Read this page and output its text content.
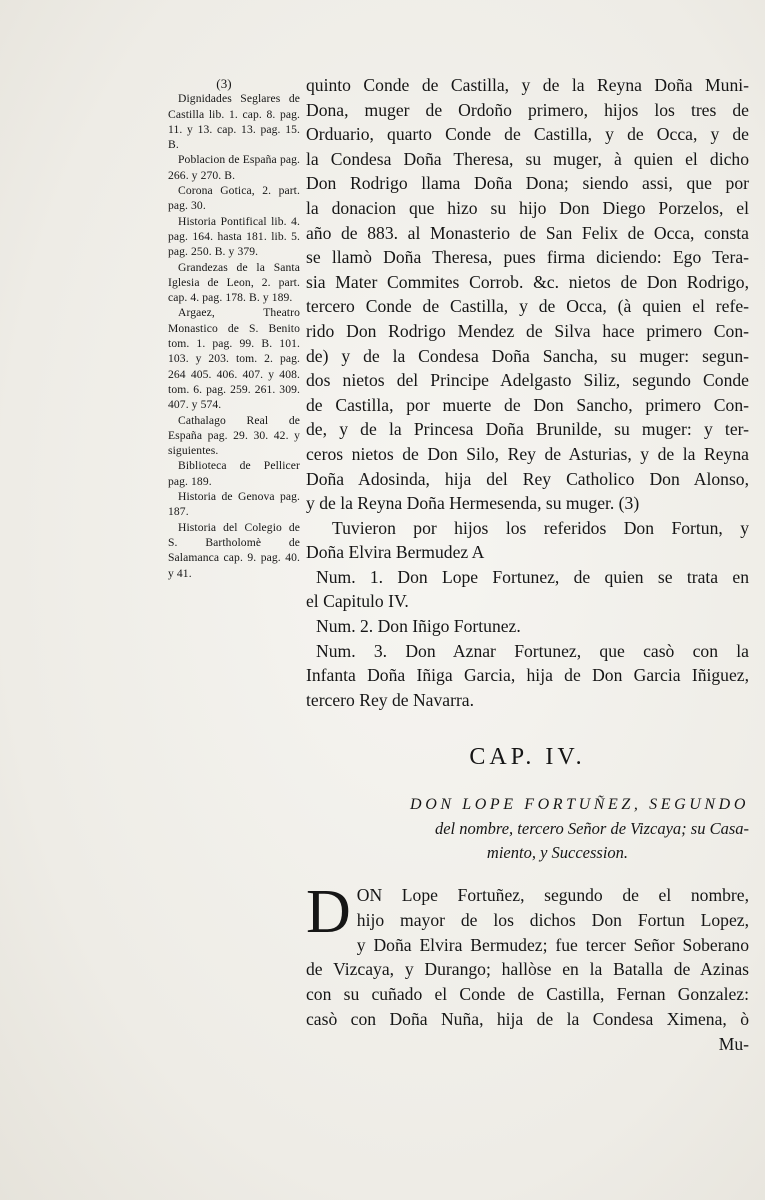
(3)

Dignidades Seglares de Castilla lib. 1. cap. 8. pag. 11. y 13. cap. 13. pag. 15. B.

Poblacion de España pag. 266. y 270. B.

Corona Gotica, 2. part. pag. 30.

Historia Pontifical lib. 4. pag. 164. hasta 181. lib. 5. pag. 250. B. y 379.

Grandezas de la Santa Iglesia de Leon, 2. part. cap. 4. pag. 178. B. y 189.

Argaez, Theatro Monastico de S. Benito tom. 1. pag. 99. B. 101. 103. y 203. tom. 2. pag. 264 405. 406. 407. y 408. tom. 6. pag. 259. 261. 309. 407. y 574.

Cathalago Real de España pag. 29. 30. 42. y siguientes.

Biblioteca de Pellicer pag. 189.

Historia de Genova pag. 187.

Historia del Colegio de S. Bartholomè de Salamanca cap. 9. pag. 40. y 41.

quinto Conde de Castilla, y de la Reyna Doña Muni-
Dona, muger de Ordoño primero, hijos los tres de
Orduario, quarto Conde de Castilla, y de Occa, y de
la Condesa Doña Theresa, su muger, à quien el dicho
Don Rodrigo llama Doña Dona; siendo assi, que por
la donacion que hizo su hijo Don Diego Porzelos, el
año de 883. al Monasterio de San Felix de Occa, consta
se llamò Doña Theresa, pues firma diciendo: Ego Tera-
sia Mater Commites Corrob. &c. nietos de Don Rodrigo,
tercero Conde de Castilla, y de Occa, (à quien el refe-
rido Don Rodrigo Mendez de Silva hace primero Con-
de) y de la Condesa Doña Sancha, su muger: segun-
dos nietos del Principe Adelgasto Siliz, segundo Conde
de Castilla, por muerte de Don Sancho, primero Con-
de, y de la Princesa Doña Brunilde, su muger: y ter-
ceros nietos de Don Silo, Rey de Asturias, y de la Reyna
Doña Adosinda, hija del Rey Catholico Don Alonso,
y de la Reyna Doña Hermesenda, su muger. (3)

Tuvieron por hijos los referidos Don Fortun, y
Doña Elvira Bermudez A

Num. 1. Don Lope Fortunez, de quien se trata en
el Capitulo IV.

Num. 2. Don Iñigo Fortunez.

Num. 3. Don Aznar Fortunez, que casò con la
Infanta Doña Iñiga Garcia, hija de Don Garcia Iñiguez,
tercero Rey de Navarra.

CAP. IV.
DON LOPE FORTUÑEZ, SEGUNDO
del nombre, tercero Señor de Vizcaya; su Casa-
miento, y Succession.
D ON Lope Fortuñez, segundo de el nombre,
hijo mayor de los dichos Don Fortun Lopez,
y Doña Elvira Bermudez; fue tercer Señor Soberano
de Vizcaya, y Durango; hallòse en la Batalla de Azinas
con su cuñado el Conde de Castilla, Fernan Gonzalez:
casò con Doña Nuña, hija de la Condesa Ximena, ò
Mu-
